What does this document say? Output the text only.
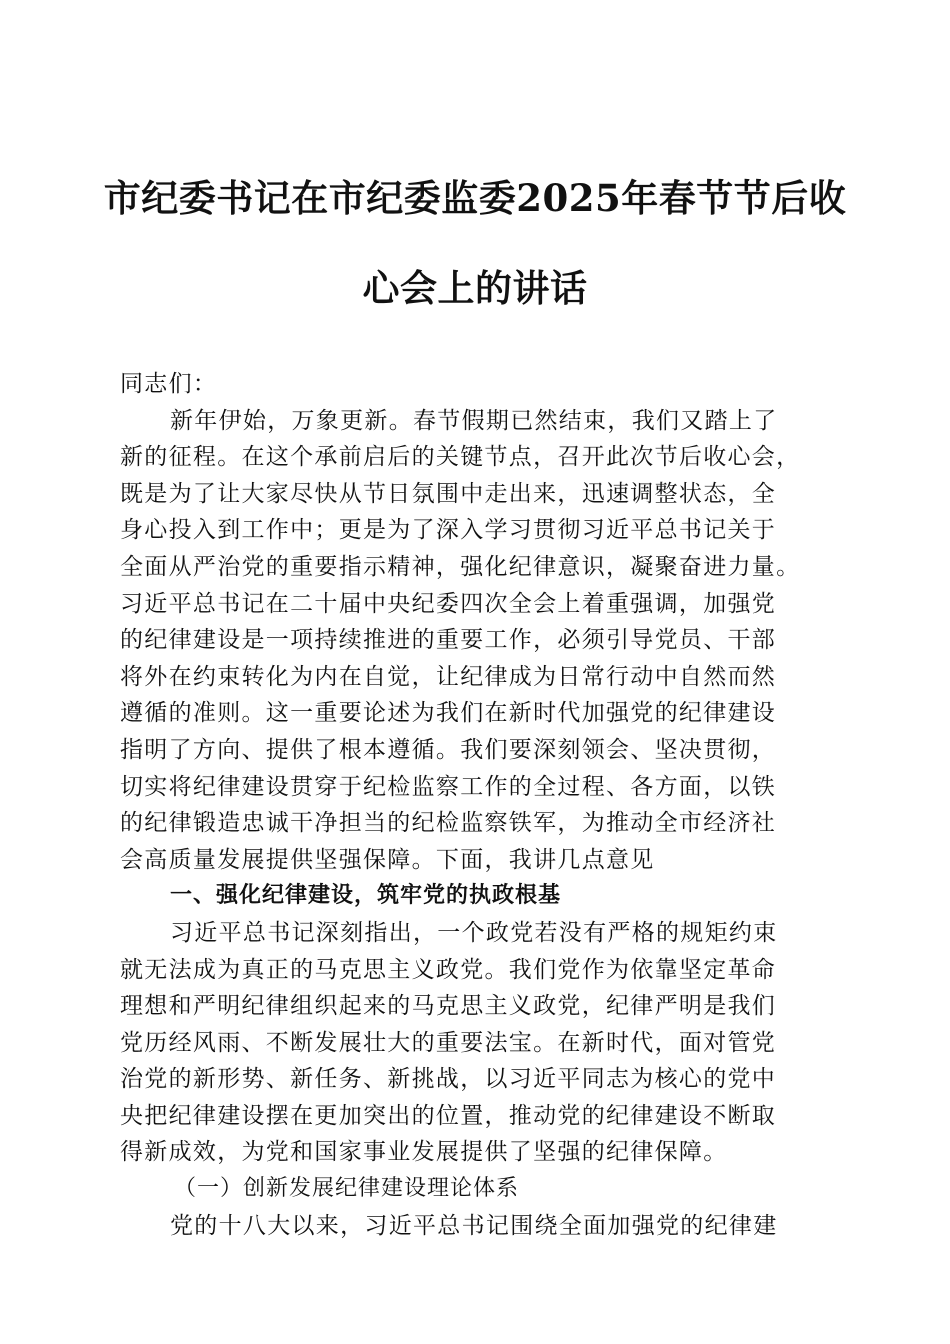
市纪委书记在市纪委监委2025年春节节后收
心会上的讲话
同志们：
新年伊始，万象更新。春节假期已然结束，我们又踏上了
新的征程。在这个承前启后的关键节点，召开此次节后收心会，
既是为了让大家尽快从节日氛围中走出来，迅速调整状态，全
身心投入到工作中；更是为了深入学习贯彻习近平总书记关于
全面从严治党的重要指示精神，强化纪律意识，凝聚奋进力量。
习近平总书记在二十届中央纪委四次全会上着重强调，加强党
的纪律建设是一项持续推进的重要工作，必须引导党员、干部
将外在约束转化为内在自觉，让纪律成为日常行动中自然而然
遵循的准则。这一重要论述为我们在新时代加强党的纪律建设
指明了方向、提供了根本遵循。我们要深刻领会、坚决贯彻，
切实将纪律建设贯穿于纪检监察工作的全过程、各方面，以铁
的纪律锻造忠诚干净担当的纪检监察铁军，为推动全市经济社
会高质量发展提供坚强保障。下面，我讲几点意见
一、强化纪律建设，筑牢党的执政根基
习近平总书记深刻指出，一个政党若没有严格的规矩约束
就无法成为真正的马克思主义政党。我们党作为依靠坚定革命
理想和严明纪律组织起来的马克思主义政党，纪律严明是我们
党历经风雨、不断发展壮大的重要法宝。在新时代，面对管党
治党的新形势、新任务、新挑战，以习近平同志为核心的党中
央把纪律建设摆在更加突出的位置，推动党的纪律建设不断取
得新成效，为党和国家事业发展提供了坚强的纪律保障。
（一）创新发展纪律建设理论体系
党的十八大以来，习近平总书记围绕全面加强党的纪律建
